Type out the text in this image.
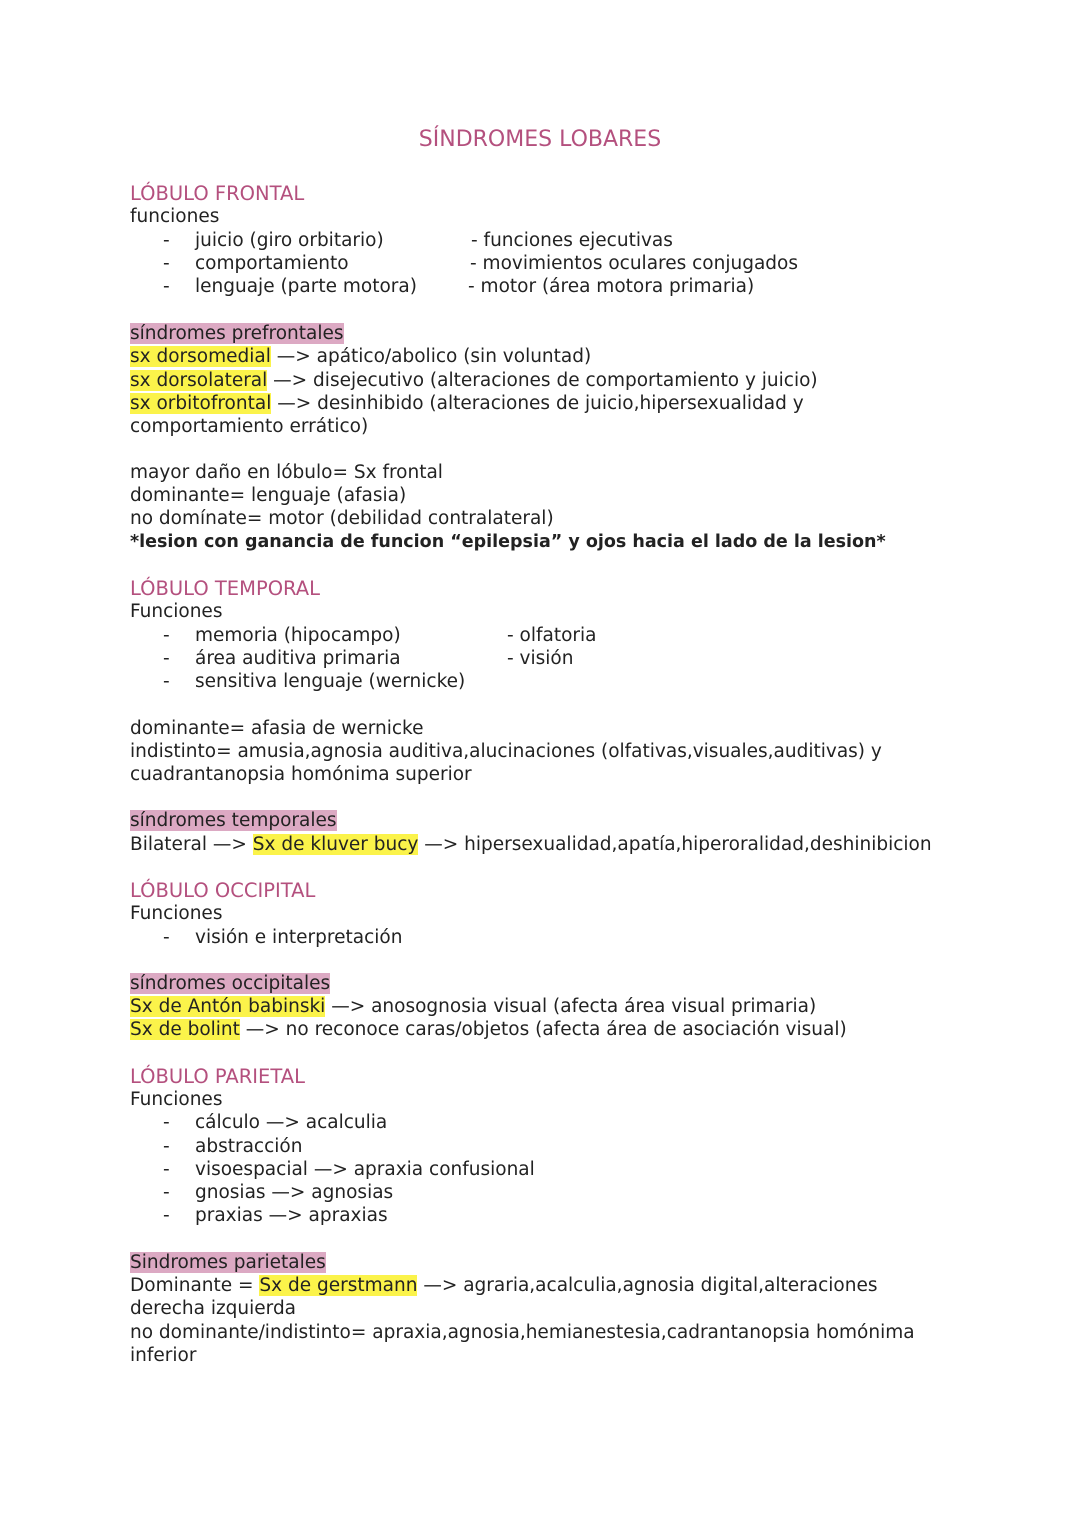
SÍNDROMES LOBARES
LÓBULO FRONTAL
funciones
-
-
-
juicio (giro orbitario)
comportamiento
lenguaje (parte motora)
- funciones ejecutivas
- movimientos oculares conjugados
- motor (área motora primaria)
síndromes prefrontales
sx dorsomedial —> apático/abolico (sin voluntad)
sx dorsolateral —> disejecutivo (alteraciones de comportamiento y juicio)
sx orbitofrontal —> desinhibido (alteraciones de juicio,hipersexualidad y
comportamiento errático)
mayor daño en lóbulo= Sx frontal
dominante= lenguaje (afasia)
no domínate= motor (debilidad contralateral)
*lesion con ganancia de funcion “epilepsia” y ojos hacia el lado de la lesion*
LÓBULO TEMPORAL
Funciones
-
-
-
memoria (hipocampo)
área auditiva primaria
sensitiva lenguaje (wernicke)
- olfatoria
- visión
dominante= afasia de wernicke
indistinto= amusia,agnosia auditiva,alucinaciones (olfativas,visuales,auditivas) y
cuadrantanopsia homónima superior
síndromes temporales
Bilateral —> Sx de kluver bucy —> hipersexualidad,apatía,hiperoralidad,deshinibicion
LÓBULO OCCIPITAL
Funciones
- visión e interpretación
síndromes occipitales
Sx de Antón babinski —> anosognosia visual (afecta área visual primaria)
Sx de bolint —> no reconoce caras/objetos (afecta área de asociación visual)
LÓBULO PARIETAL
Funciones
-
-
-
-
-
cálculo —> acalculia
abstracción
visoespacial —> apraxia confusional
gnosias —> agnosias
praxias —> apraxias
Sindromes parietales
Dominante = Sx de gerstmann —> agraria,acalculia,agnosia digital,alteraciones
derecha izquierda
no dominante/indistinto= apraxia,agnosia,hemianestesia,cadrantanopsia homónima
inferior
